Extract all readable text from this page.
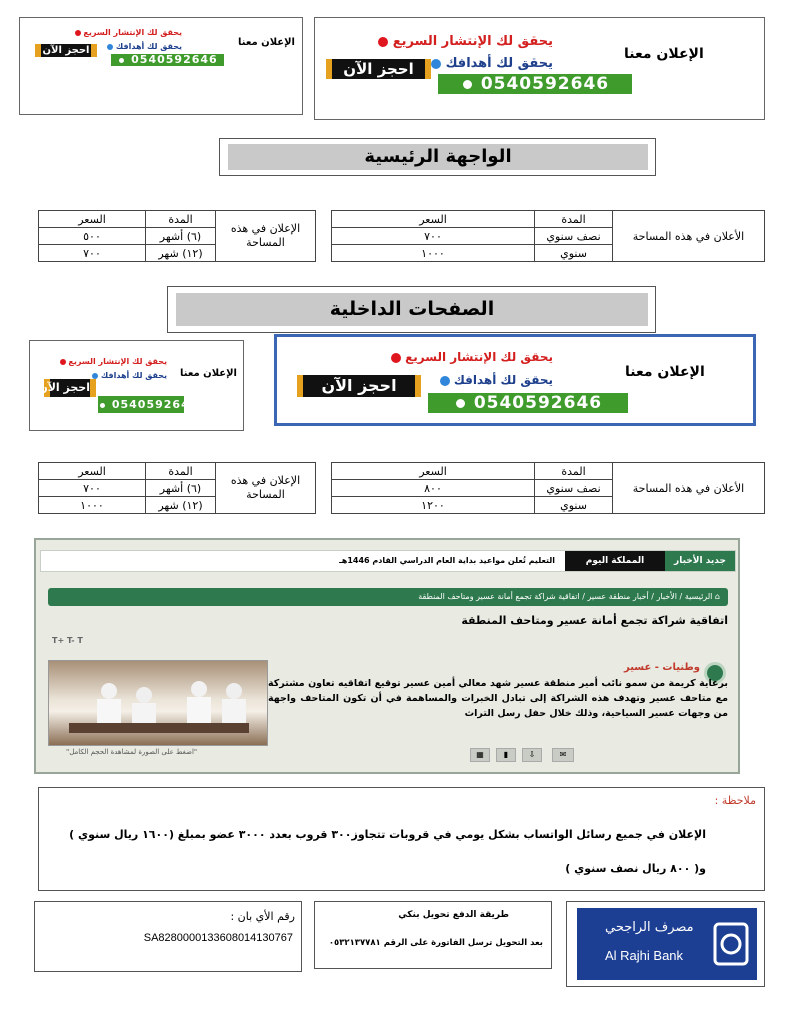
الإعلان معنا
يحقق لك الإنتشار السريع
يحقق لك أهدافك
احجز الآن
0540592646	الإعلان معنا
يحقق لك الإنتشار السريع
يحقق لك أهدافك
احجز الآن
0540592646
الواجهة الرئيسية
الإعلان في هذه المساحة	المدة	السعر
	(٦) أشهر	٥٠٠
	(١٢) شهر	٧٠٠
الأعلان في هذه المساحة	المدة	السعر
	نصف سنوي	٧٠٠
	سنوي	١٠٠٠
الصفحات الداخلية
الإعلان معنا
يحقق لك الإنتشار السريع
يحقق لك أهدافك
احجز الآن
0540592646
الإعلان معنا
يحقق لك الإنتشار السريع
يحقق لك أهدافك
احجز الآن
0540592646
الإعلان في هذه المساحة	المدة	السعر
	(٦) أشهر	٧٠٠
	(١٢) شهر	١٠٠٠
الأعلان في هذه المساحة	المدة	السعر
	نصف سنوي	٨٠٠
	سنوي	١٢٠٠
جديد الأخبار
المملكة اليوم
التعليم تُعلن مواعيد بداية العام الدراسي القادم 1446هـ
⌂ الرئيسية / الأخبار / أخبار منطقة عسير / اتفاقية شراكة تجمع أمانة عسير ومتاحف المنطقة
اتفاقية شراكة تجمع أمانة عسير ومتاحف المنطقة
T+ T- T
وطنيات - عسير
برعاية كريمة من سمو نائب أمير منطقة عسير شهد معالي أمين عسير توقيع اتفاقيه تعاون مشتركة مع متاحف عسير وتهدف هذه الشراكة إلى تبادل الخبرات والمساهمة في أن تكون المتاحف واجهة من وجهات عسير السياحية، وذلك خلال حفل رسل التراث
"اضغط على الصورة لمشاهدة الحجم الكامل"	▦	▮	⇩	✉
ملاحظة :
الإعلان في جميع رسائل الواتساب بشكل يومي في قروبات تتجاوز٣٠٠ قروب بعدد ٣٠٠٠ عضو بمبلغ (١٦٠٠ ريال سنوي )
و( ٨٠٠ ريال نصف سنوي )
رقم الأي بان :
SA8280000133608014130767
طريقة الدفع تحويل بنكي
بعد التحويل ترسل الفاتورة على الرقم ٠٥٣٢١٣٧٧٨١
مصرف الراجحي
Al Rajhi Bank
